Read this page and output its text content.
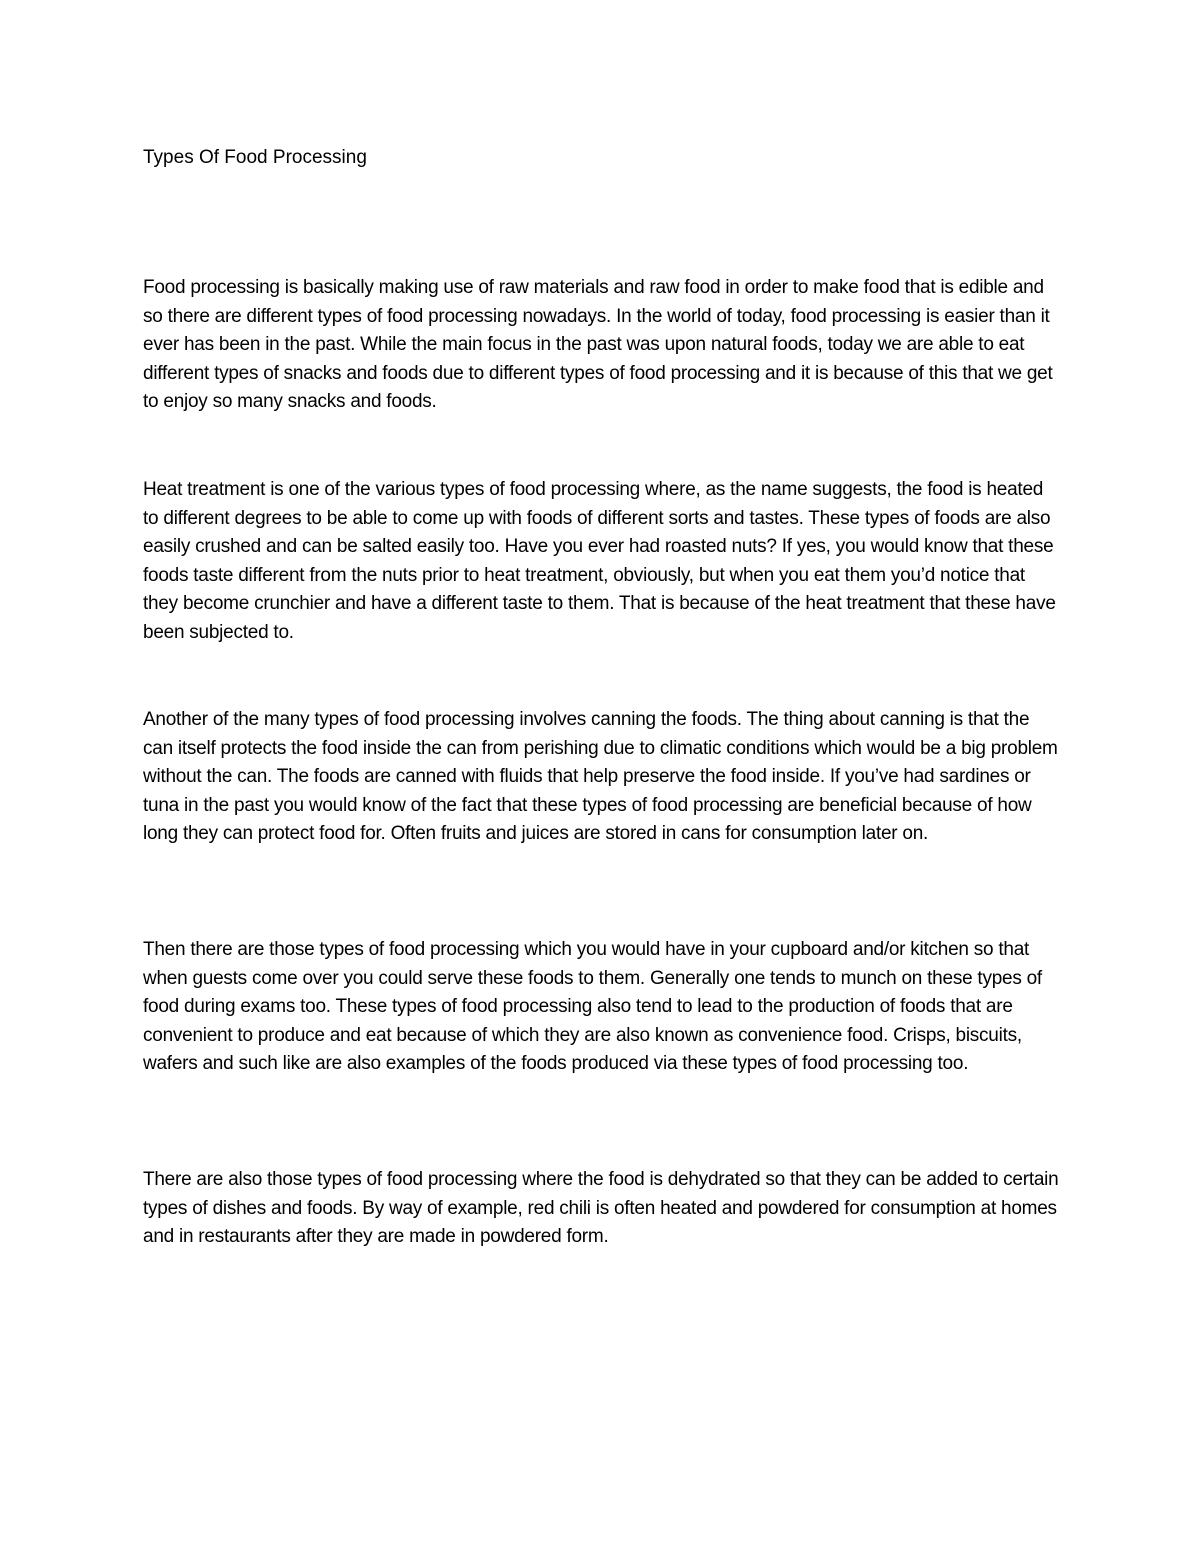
Types Of Food Processing

Food processing is basically making use of raw materials and raw food in order to make food that is edible and so there are different types of food processing nowadays. In the world of today, food processing is easier than it ever has been in the past. While the main focus in the past was upon natural foods, today we are able to eat different types of snacks and foods due to different types of food processing and it is because of this that we get to enjoy so many snacks and foods.

Heat treatment is one of the various types of food processing where, as the name suggests, the food is heated to different degrees to be able to come up with foods of different sorts and tastes. These types of foods are also easily crushed and can be salted easily too. Have you ever had roasted nuts? If yes, you would know that these foods taste different from the nuts prior to heat treatment, obviously, but when you eat them you’d notice that they become crunchier and have a different taste to them. That is because of the heat treatment that these have been subjected to.

Another of the many types of food processing involves canning the foods. The thing about canning is that the can itself protects the food inside the can from perishing due to climatic conditions which would be a big problem without the can. The foods are canned with fluids that help preserve the food inside. If you’ve had sardines or tuna in the past you would know of the fact that these types of food processing are beneficial because of how long they can protect food for. Often fruits and juices are stored in cans for consumption later on.

Then there are those types of food processing which you would have in your cupboard and/or kitchen so that when guests come over you could serve these foods to them. Generally one tends to munch on these types of food during exams too. These types of food processing also tend to lead to the production of foods that are convenient to produce and eat because of which they are also known as convenience food. Crisps, biscuits, wafers and such like are also examples of the foods produced via these types of food processing too.

There are also those types of food processing where the food is dehydrated so that they can be added to certain types of dishes and foods. By way of example, red chili is often heated and powdered for consumption at homes and in restaurants after they are made in powdered form.
